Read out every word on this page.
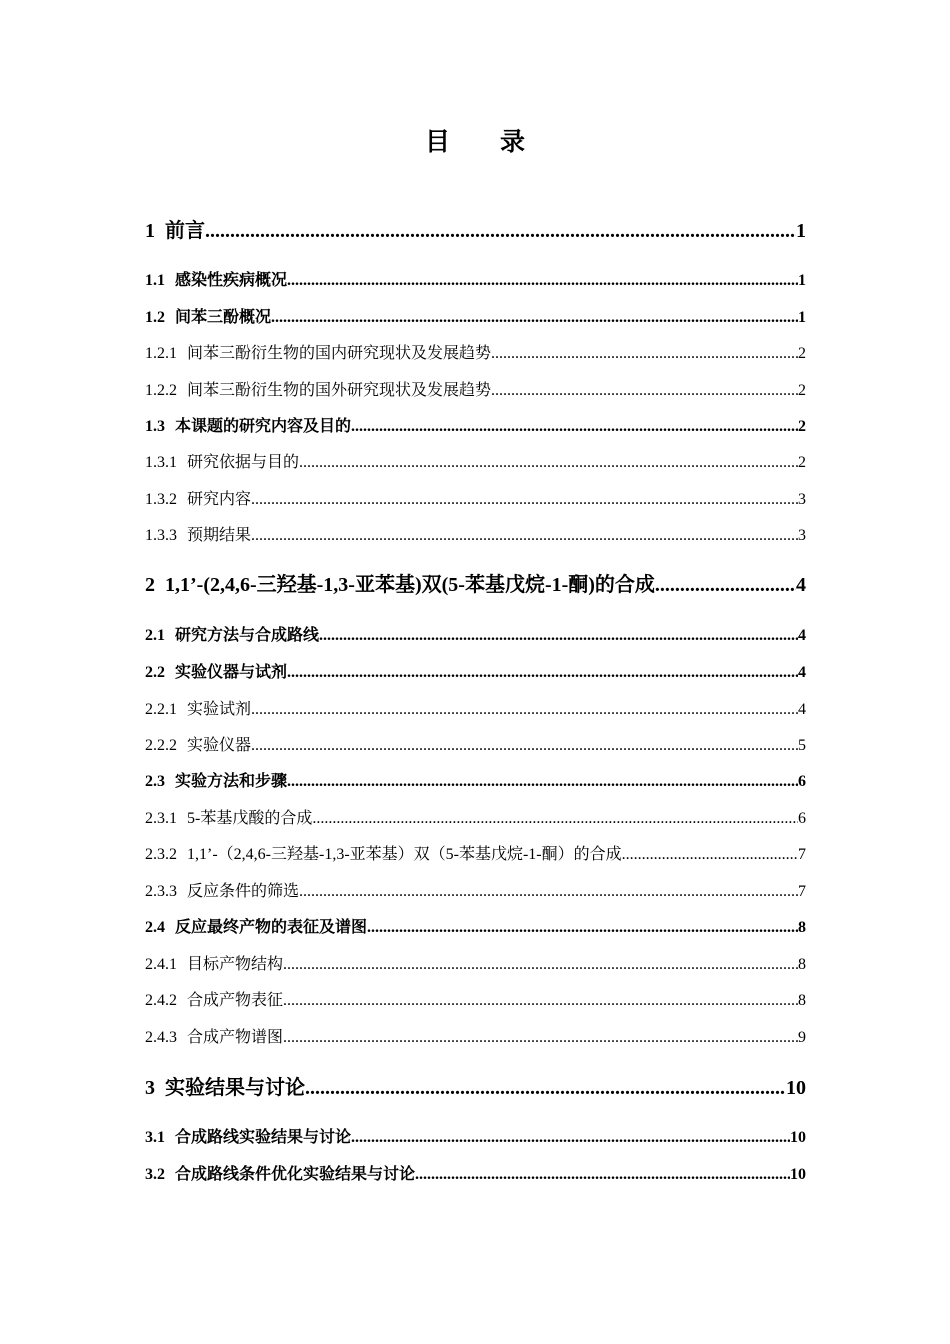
目 录
1 前言 .....	1
1.1 感染性疾病概况 .....	1
1.2 间苯三酚概况 .....	1
1.2.1 间苯三酚衍生物的国内研究现状及发展趋势 .....	2
1.2.2 间苯三酚衍生物的国外研究现状及发展趋势 .....	2
1.3 本课题的研究内容及目的 .....	2
1.3.1 研究依据与目的 .....	2
1.3.2 研究内容 .....	3
1.3.3 预期结果 .....	3
2 1,1’-(2,4,6-三羟基-1,3-亚苯基)双(5-苯基戊烷-1-酮)的合成 .....	4
2.1 研究方法与合成路线 .....	4
2.2 实验仪器与试剂 .....	4
2.2.1 实验试剂 .....	4
2.2.2 实验仪器 .....	5
2.3 实验方法和步骤 .....	6
2.3.1 5-苯基戊酸的合成 .....	6
2.3.2 1,1’-（2,4,6-三羟基-1,3-亚苯基）双（5-苯基戊烷-1-酮）的合成 .....	7
2.3.3 反应条件的筛选 .....	7
2.4 反应最终产物的表征及谱图 .....	8
2.4.1 目标产物结构 .....	8
2.4.2 合成产物表征 .....	8
2.4.3 合成产物谱图 .....	9
3 实验结果与讨论 .....	10
3.1 合成路线实验结果与讨论 .....	10
3.2 合成路线条件优化实验结果与讨论 .....	10
